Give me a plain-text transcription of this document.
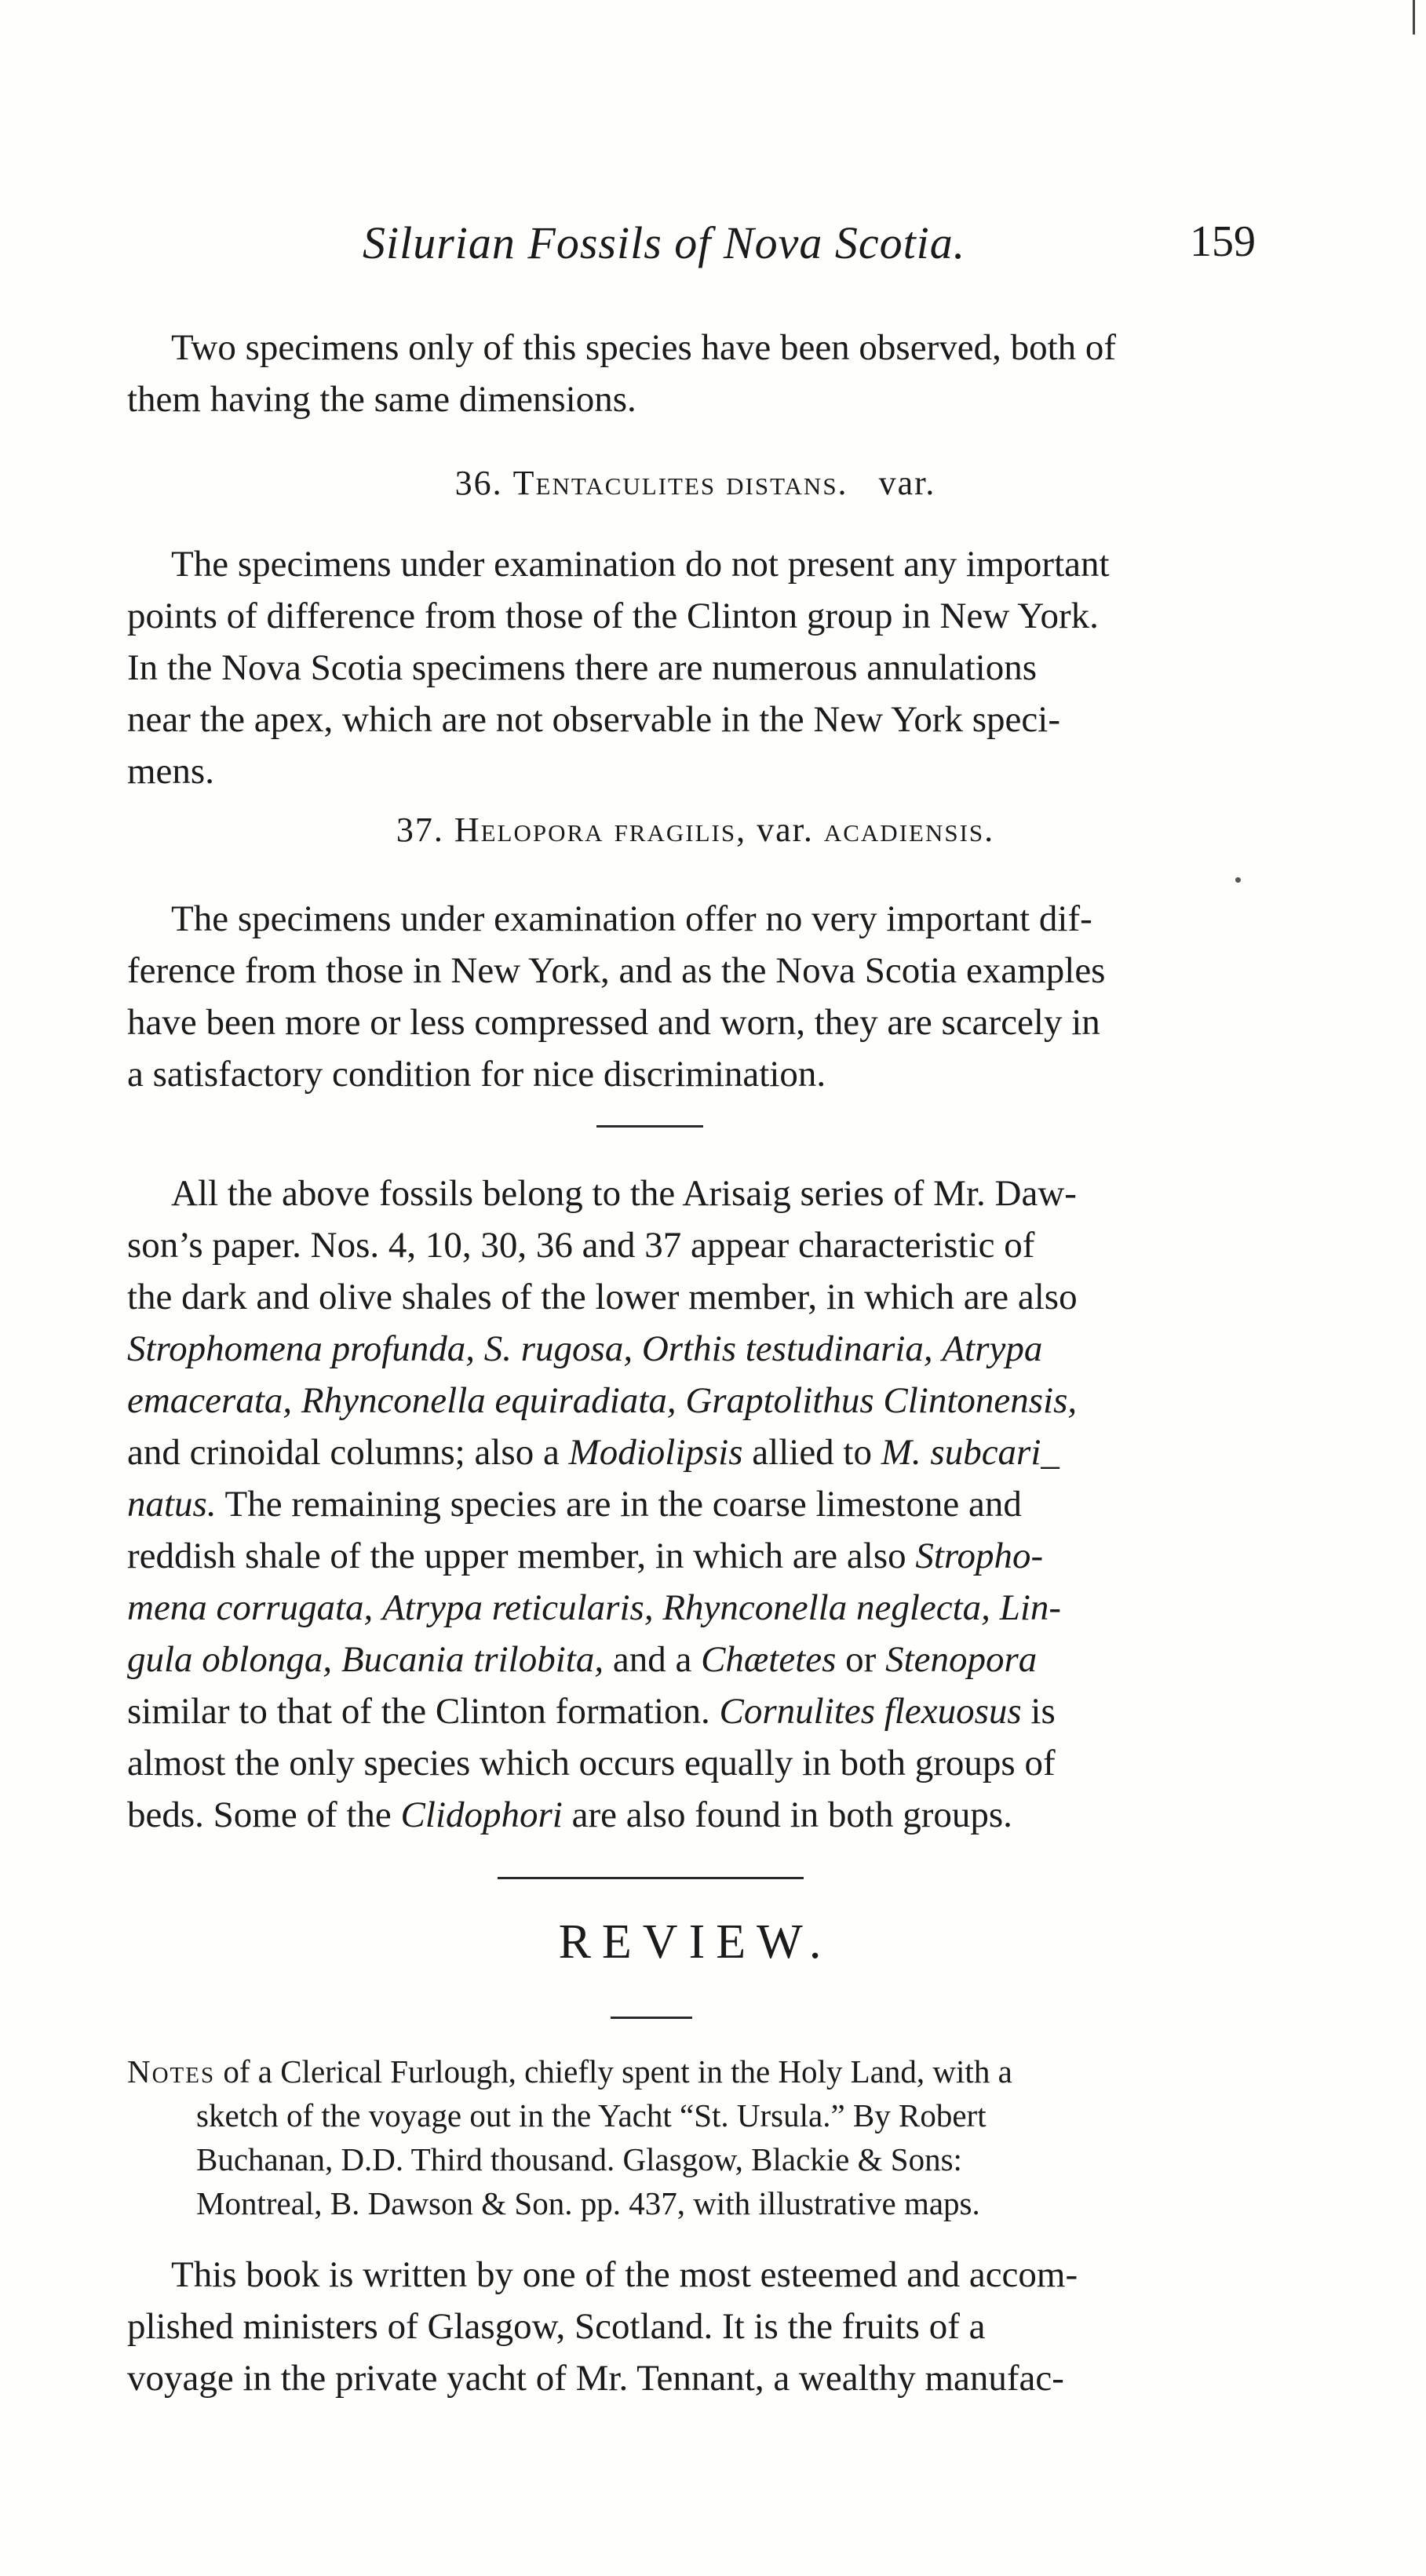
Silurian Fossils of Nova Scotia.	159

Two specimens only of this species have been observed, both of

them having the same dimensions.

36. Tentaculites distans. var.

The specimens under examination do not present any important

points of difference from those of the Clinton group in New York.

In the Nova Scotia specimens there are numerous annulations

near the apex, which are not observable in the New York speci-

mens.

37. Helopora fragilis, var. acadiensis.

The specimens under examination offer no very important dif-

ference from those in New York, and as the Nova Scotia examples

have been more or less compressed and worn, they are scarcely in

a satisfactory condition for nice discrimination.

All the above fossils belong to the Arisaig series of Mr. Daw-

son’s paper. Nos. 4, 10, 30, 36 and 37 appear characteristic of

the dark and olive shales of the lower member, in which are also

Strophomena profunda, S. rugosa, Orthis testudinaria, Atrypa

emacerata, Rhynconella equiradiata, Graptolithus Clintonensis,

and crinoidal columns; also a Modiolipsis allied to M. subcari_

natus. The remaining species are in the coarse limestone and

reddish shale of the upper member, in which are also Stropho-

mena corrugata, Atrypa reticularis, Rhynconella neglecta, Lin-

gula oblonga, Bucania trilobita, and a Chætetes or Stenopora

similar to that of the Clinton formation. Cornulites flexuosus is

almost the only species which occurs equally in both groups of

beds. Some of the Clidophori are also found in both groups.

REVIEW.
Notes of a Clerical Furlough, chiefly spent in the Holy Land, with a
sketch of the voyage out in the Yacht “St. Ursula.” By Robert
Buchanan, D.D. Third thousand. Glasgow, Blackie & Sons:
Montreal, B. Dawson & Son. pp. 437, with illustrative maps.

This book is written by one of the most esteemed and accom-

plished ministers of Glasgow, Scotland. It is the fruits of a

voyage in the private yacht of Mr. Tennant, a wealthy manufac-
